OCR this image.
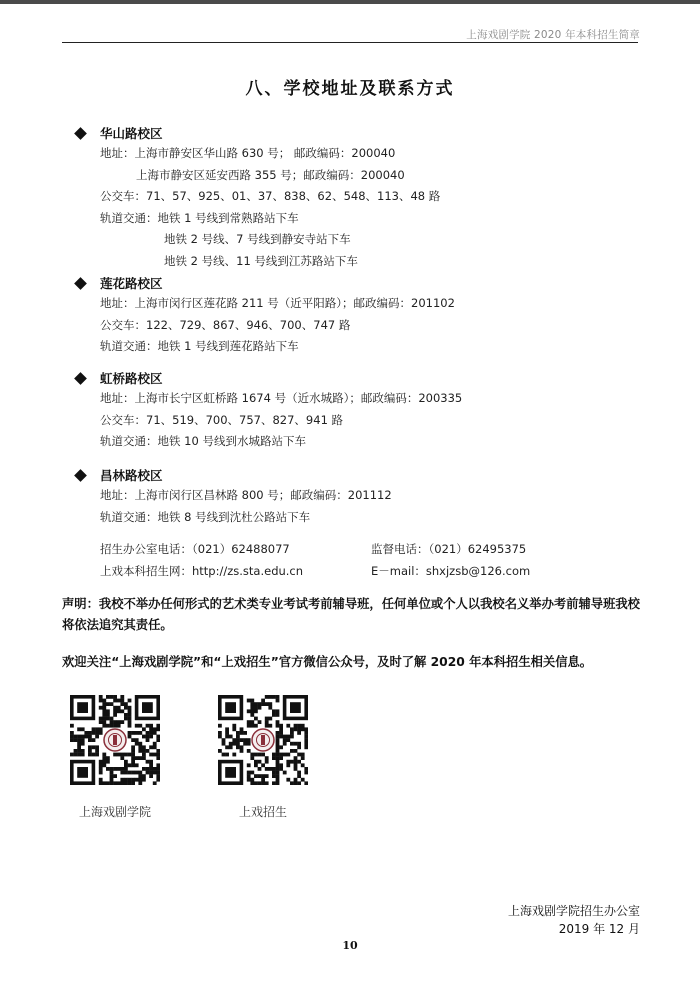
上海戏剧学院 2020 年本科招生简章
八、学校地址及联系方式
华山路校区
地址：上海市静安区华山路 630 号； 邮政编码：200040
上海市静安区延安西路 355 号；邮政编码：200040
公交车：71、57、925、01、37、838、62、548、113、48 路
轨道交通：地铁 1 号线到常熟路站下车
地铁 2 号线、7 号线到静安寺站下车
地铁 2 号线、11 号线到江苏路站下车
莲花路校区
地址：上海市闵行区莲花路 211 号（近平阳路）；邮政编码：201102
公交车：122、729、867、946、700、747 路
轨道交通：地铁 1 号线到莲花路站下车
虹桥路校区
地址：上海市长宁区虹桥路 1674 号（近水城路）；邮政编码：200335
公交车：71、519、700、757、827、941 路
轨道交通：地铁 10 号线到水城路站下车
昌林路校区
地址：上海市闵行区昌林路 800 号；邮政编码：201112
轨道交通：地铁 8 号线到沈杜公路站下车
招生办公室电话：（021）62488077	监督电话：（021）62495375
上戏本科招生网：http://zs.sta.edu.cn	E－mail：shxjzsb@126.com
声明：我校不举办任何形式的艺术类专业考试考前辅导班，任何单位或个人以我校名义举办考前辅导班我校将依法追究其责任。
欢迎关注“上海戏剧学院”和“上戏招生”官方微信公众号，及时了解 2020 年本科招生相关信息。
上海戏剧学院	上戏招生
上海戏剧学院招生办公室
2019 年 12 月
10
